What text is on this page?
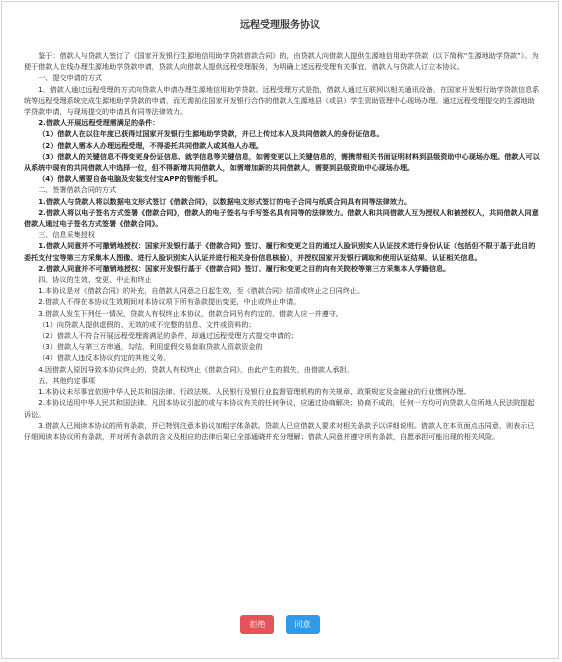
远程受理服务协议

鉴于：借款人与贷款人签订了《国家开发银行生源地信用助学贷款借款合同》的，由贷款人向借款人提供生源地信用助学贷款（以下简称“生源地助学贷款”）。为便于借款人在线办理生源地助学贷款申请，贷款人向借款人提供远程受理服务，为明确上述远程受理有关事宜，借款人与贷款人订立本协议。

一、提交申请的方式

1．借款人通过远程受理的方式向贷款人申请办理生源地信用助学贷款。远程受理方式是指，借款人通过互联网以相关通讯设备，在国家开发银行助学贷款信息系统等远程受理系统完成生源地助学贷款的申请，而无需前往国家开发银行合作的借款人生源地县（或县）学生资助管理中心现场办理。通过远程受理提交的生源地助学贷款申请，与现场提交的申请具有同等法律效力。

2.借款人开展远程受理需满足的条件：

（1）借款人在以往年度已获得过国家开发银行生源地助学贷款，并已上传过本人及共同借款人的身份证信息。

（2）借款人需本人办理远程受理，不得委托共同借款人或其他人办理。

（3）借款人的关键信息不得变更身份证信息、就学信息等关键信息，如需变更以上关键信息的，需携带相关书面证明材料到县级资助中心现场办理。借款人可以从系统中现有的共同借款人中选择一位，但不得新增共同借款人，如需增加新的共同借款人，需要到县级资助中心现场办理。

（4）借款人需要自备电脑及安装支付宝APP的智能手机。

二、签署借款合同的方式

1.借款人与贷款人将以数据电文形式签订《借款合同》，以数据电文形式签订的电子合同与纸质合同具有同等法律效力。

2.借款人将以电子签名方式签署《借款合同》，借款人的电子签名与手写签名具有同等的法律效力。借款人和共同借款人互为授权人和被授权人，共同借款人同意借款人通过电子签名方式签署《借款合同》。

三、信息采集授权

1.借款人同意并不可撤销地授权：国家开发银行基于《借款合同》签订、履行和变更之目的通过人脸识别实人认证技术进行身份认证（包括但不限于基于此目的委托支付宝等第三方采集本人图像、进行人脸识别实人认证并进行相关身份信息核验），并授权国家开发银行调取和使用认证结果、认证相关信息。

2.借款人同意并不可撤销地授权：国家开发银行基于《借款合同》签订、履行和变更之目的向有关院校等第三方采集本人学籍信息。

四、协议的生效、变更、中止和终止

1.本协议是对《借款合同》的补充，自借款人同意之日起生效，至《借款合同》结清或终止之日同终止。

2.借款人不得在本协议生效期间对本协议项下所有条款提出变更，中止或终止申请。

3.借款人发生下列任一情况，贷款人有权终止本协议，借款合同另有约定的，借款人应一并遵守。

（1）向贷款人提供虚假的、无效的或不完整的信息、文件或资料的；

（2）借款人不符合开展远程受理需满足的条件，却通过远程受理方式提交申请的；

（3）借款人与第三方串通，勾结，利用虚假交易套取贷款人资款资金的

（4）借款人违反本协议约定的其他义务。

4.因借款人原因导致本协议终止的，贷款人有权终止《借款合同》，由此产生的损失，由借款人承担。

五、其他约定事项

1.本协议未尽事宜依照中华人民共和国法律、行政法规、人民银行及银行业监督管理机构的有关规章、政策规定及金融业的行业惯例办理。

2.本协议适用中华人民共和国法律。凡因本协议引起的或与本协议有关的任何争议，应通过协商解决；协商不成的，任何一方均可向贷款人住所地人民法院提起诉讼。

3.借款人已阅读本协议的所有条款，并已特别注意本协议加粗字体条款。贷款人已应借款人要求对相关条款予以详细说明。借款人在本页面点击同意，则表示已仔细阅读本协议所有条款，并对所有条款的含义及相应的法律后果已全部通晓并充分理解；借款人同意并遵守所有条款，自愿承担可能出现的相关风险。

拒绝	同意
